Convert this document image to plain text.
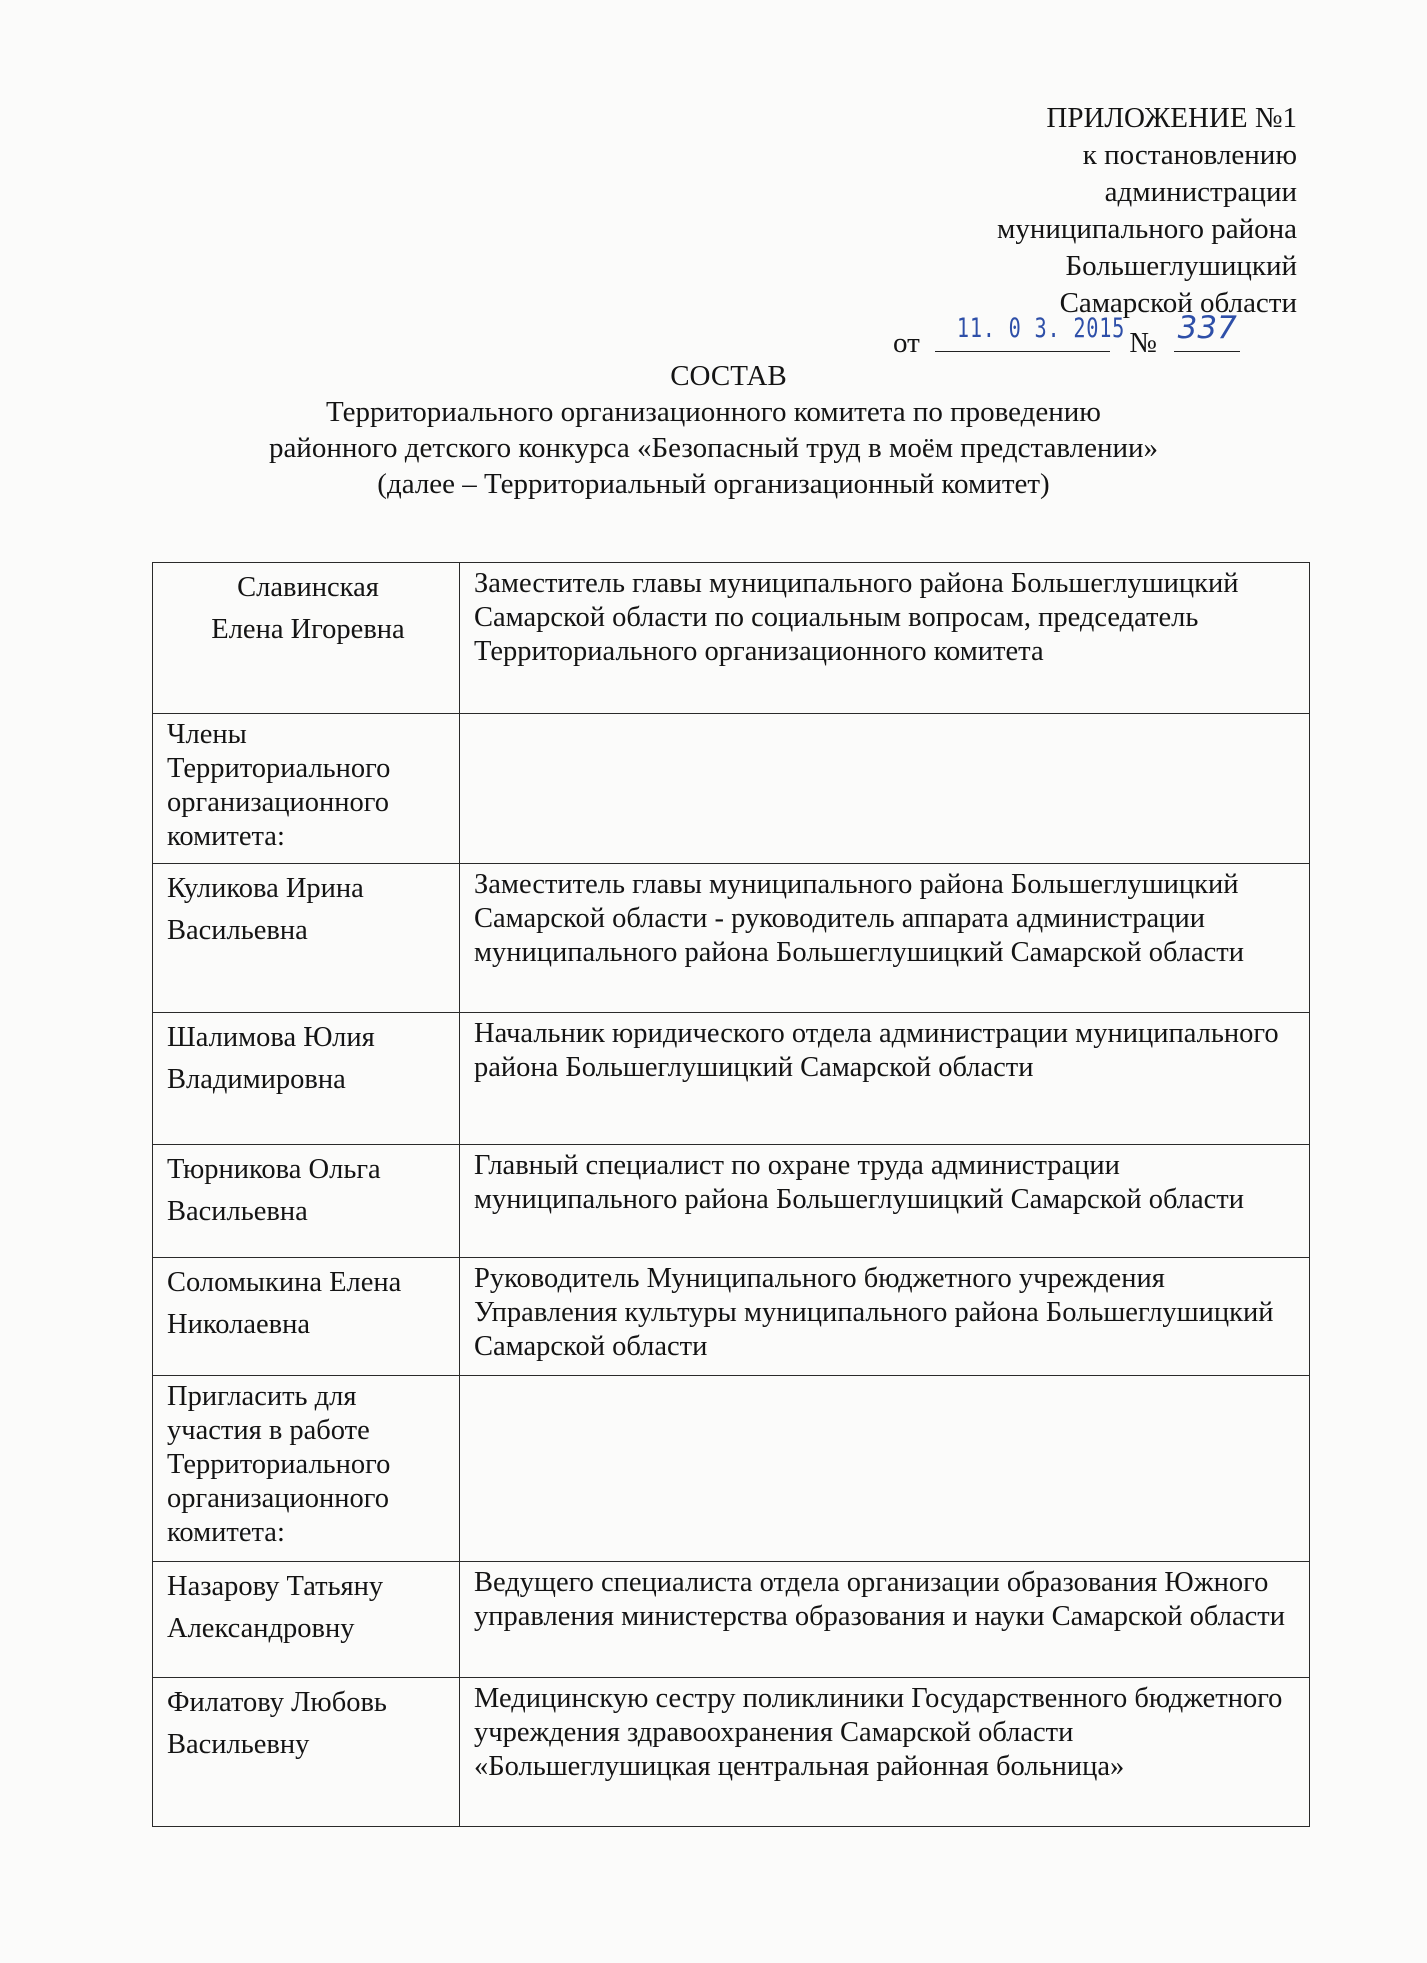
ПРИЛОЖЕНИЕ №1
к постановлению
администрации
муниципального района
Большеглушицкий
Самарской области
от 11. 0 3. 2015 № 337
СОСТАВ
Территориального организационного комитета по проведению
районного детского конкурса «Безопасный труд в моём представлении»
(далее – Территориальный организационный комитет)
Славинская
Елена Игоревна	Заместитель главы муниципального района Большеглушицкий Самарской области по социальным вопросам, председатель Территориального организационного комитета
Члены Территориального организационного комитета:	

Куликова Ирина Васильевна	Заместитель главы муниципального района Большеглушицкий Самарской области - руководитель аппарата администрации муниципального района Большеглушицкий Самарской области

Шалимова Юлия Владимировна	Начальник юридического отдела администрации муниципального района Большеглушицкий Самарской области

Тюрникова Ольга Васильевна	Главный специалист по охране труда администрации муниципального района Большеглушицкий Самарской области

Соломыкина Елена Николаевна	Руководитель Муниципального бюджетного учреждения Управления культуры муниципального района Большеглушицкий Самарской области
Пригласить для участия в работе Территориального организационного комитета:	

Назарову Татьяну Александровну	Ведущего специалиста отдела организации образования Южного управления министерства образования и науки Самарской области

Филатову Любовь Васильевну	Медицинскую сестру поликлиники Государственного бюджетного учреждения здравоохранения Самарской области «Большеглушицкая центральная районная больница»
